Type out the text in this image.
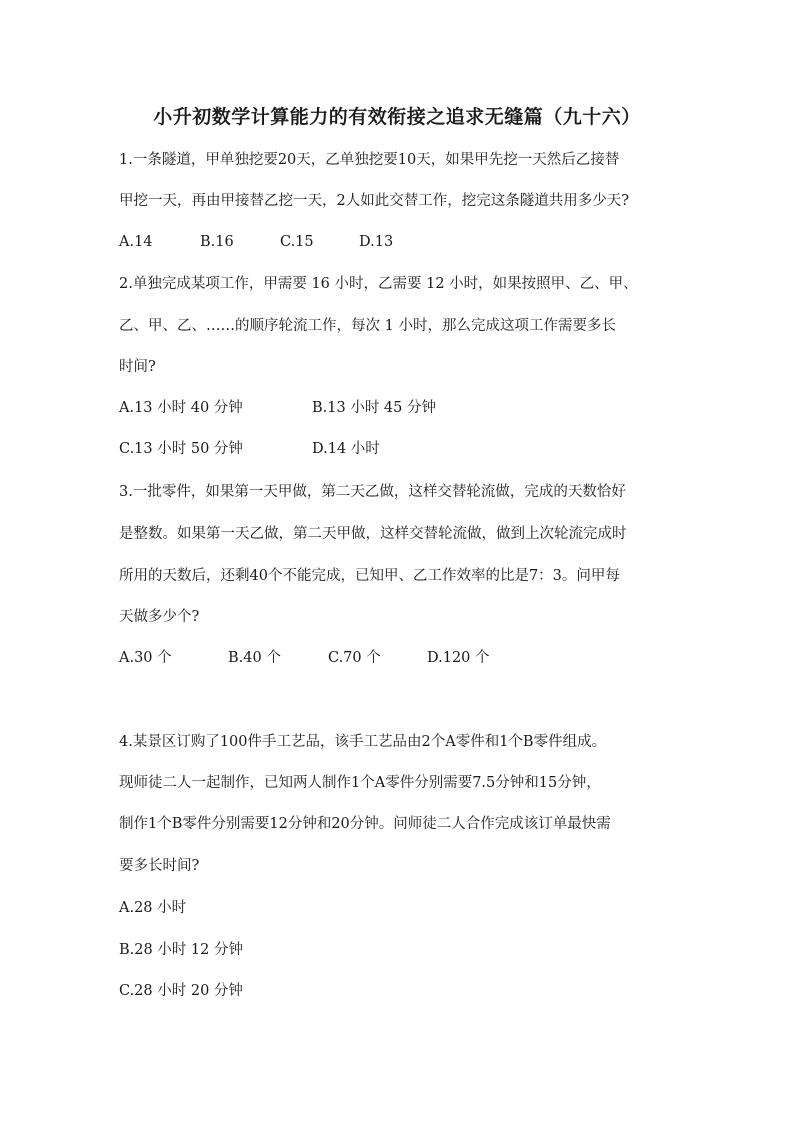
小升初数学计算能力的有效衔接之追求无缝篇（九十六）

1.一条隧道，甲单独挖要20天，乙单独挖要10天，如果甲先挖一天然后乙接替

甲挖一天，再由甲接替乙挖一天，2人如此交替工作，挖完这条隧道共用多少天?

A.14	B.16	C.15	D.13

2.单独完成某项工作，甲需要 16 小时，乙需要 12 小时，如果按照甲、乙、甲、

乙、甲、乙、……的顺序轮流工作，每次 1 小时，那么完成这项工作需要多长

时间?

A.13 小时 40 分钟	B.13 小时 45 分钟
C.13 小时 50 分钟	D.14 小时

3.一批零件，如果第一天甲做，第二天乙做，这样交替轮流做，完成的天数恰好

是整数。如果第一天乙做，第二天甲做，这样交替轮流做，做到上次轮流完成时

所用的天数后，还剩40个不能完成，已知甲、乙工作效率的比是7：3。问甲每

天做多少个?

A.30 个	B.40 个	C.70 个	D.120 个

4.某景区订购了100件手工艺品，该手工艺品由2个A零件和1个B零件组成。

现师徒二人一起制作，已知两人制作1个A零件分别需要7.5分钟和15分钟，

制作1个B零件分别需要12分钟和20分钟。问师徒二人合作完成该订单最快需

要多长时间?

A.28 小时

B.28 小时 12 分钟

C.28 小时 20 分钟
